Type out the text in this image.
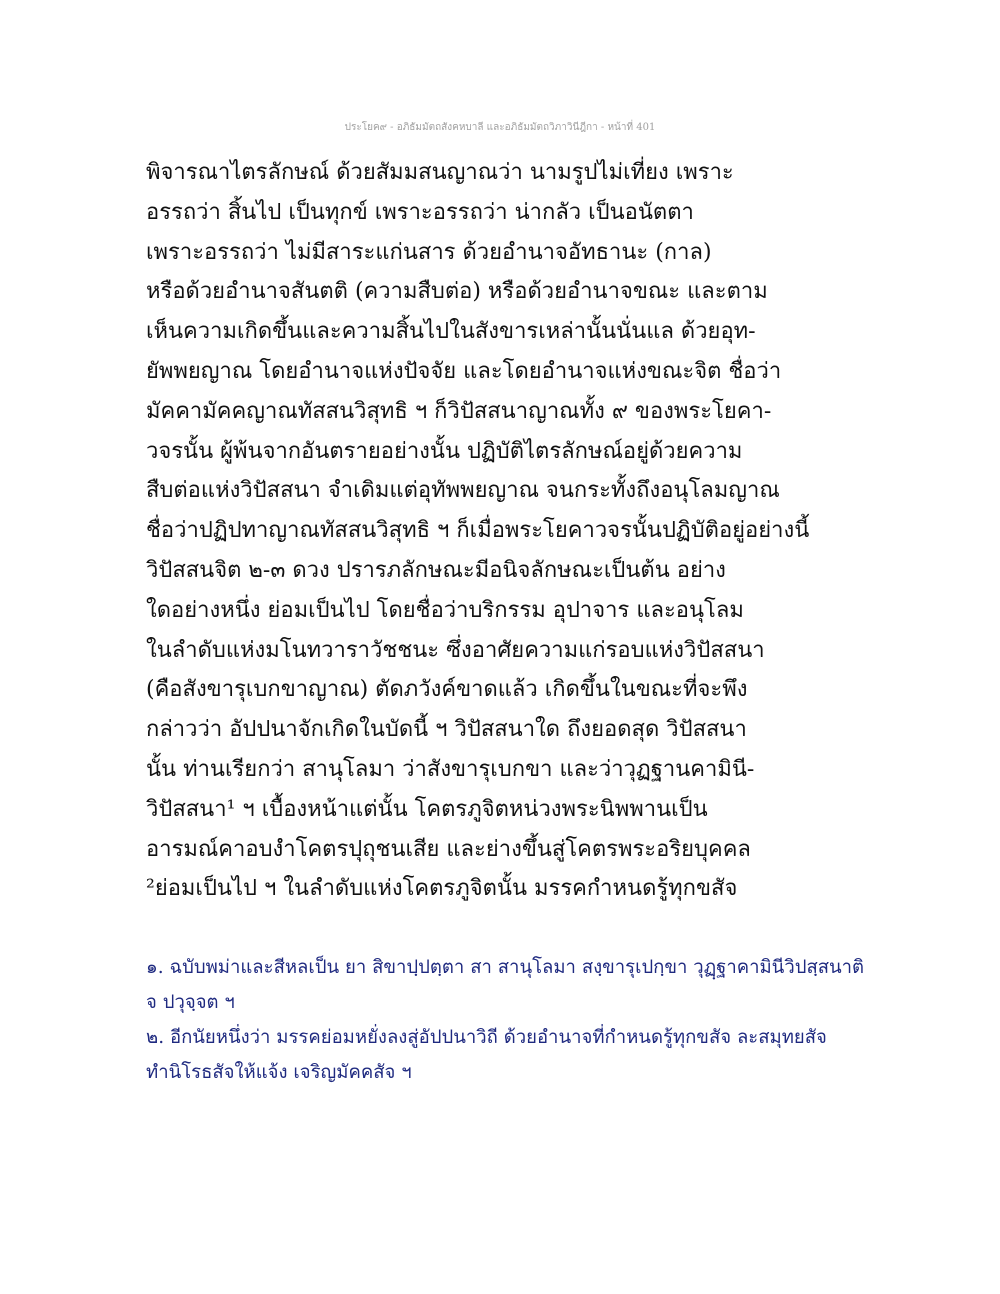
ประโยค๙ - อภิธัมมัตถสังคหบาลี และอภิธัมมัตถวิภาวินีฎีกา - หน้าที่ 401
พิจารณาไตรลักษณ์ ด้วยสัมมสนญาณว่า นามรูปไม่เที่ยง เพราะ
อรรถว่า สิ้นไป เป็นทุกข์ เพราะอรรถว่า น่ากลัว เป็นอนัตตา
เพราะอรรถว่า ไม่มีสาระแก่นสาร ด้วยอำนาจอัทธานะ (กาล)
หรือด้วยอำนาจสันตติ (ความสืบต่อ) หรือด้วยอำนาจขณะ และตาม
เห็นความเกิดขึ้นและความสิ้นไปในสังขารเหล่านั้นนั่นแล ด้วยอุท-
ยัพพยญาณ โดยอำนาจแห่งปัจจัย และโดยอำนาจแห่งขณะจิต ชื่อว่า
มัคคามัคคญาณทัสสนวิสุทธิ ฯ ก็วิปัสสนาญาณทั้ง ๙ ของพระโยคา-
วจรนั้น ผู้พ้นจากอันตรายอย่างนั้น ปฏิบัติไตรลักษณ์อยู่ด้วยความ
สืบต่อแห่งวิปัสสนา จำเดิมแต่อุทัพพยญาณ จนกระทั้งถึงอนุโลมญาณ
ชื่อว่าปฏิปทาญาณทัสสนวิสุทธิ ฯ ก็เมื่อพระโยคาวจรนั้นปฏิบัติอยู่อย่างนี้
วิปัสสนจิต ๒-๓ ดวง ปรารภลักษณะมีอนิจลักษณะเป็นต้น อย่าง
ใดอย่างหนึ่ง ย่อมเป็นไป โดยชื่อว่าบริกรรม อุปาจาร และอนุโลม
ในลำดับแห่งมโนทวาราวัชชนะ ซึ่งอาศัยความแก่รอบแห่งวิปัสสนา
(คือสังขารุเบกขาญาณ) ตัดภวังค์ขาดแล้ว เกิดขึ้นในขณะที่จะพึง
กล่าวว่า อัปปนาจักเกิดในบัดนี้ ฯ วิปัสสนาใด ถึงยอดสุด วิปัสสนา
นั้น ท่านเรียกว่า สานุโลมา ว่าสังขารุเบกขา และว่าวุฏฐานคามินี-
วิปัสสนา¹ ฯ เบื้องหน้าแต่นั้น โคตรภูจิตหน่วงพระนิพพานเป็น
อารมณ์คาอบงำโคตรปุถุชนเสีย และย่างขึ้นสู่โคตรพระอริยบุคคล
²ย่อมเป็นไป ฯ ในลำดับแห่งโคตรภูจิตนั้น มรรคกำหนดรู้ทุกขสัจ
๑. ฉบับพม่าและสีหลเป็น ยา สิขาปฺปตฺตา สา สานุโลมา สงฺขารุเปกฺขา วุฏฺฐาคามินีวิปสฺสนาติ
จ ปวุจฺจต ฯ
๒. อีกนัยหนึ่งว่า มรรคย่อมหยั่งลงสู่อัปปนาวิถี ด้วยอำนาจที่กำหนดรู้ทุกขสัจ ละสมุทยสัจ
ทำนิโรธสัจให้แจ้ง เจริญมัคคสัจ ฯ
